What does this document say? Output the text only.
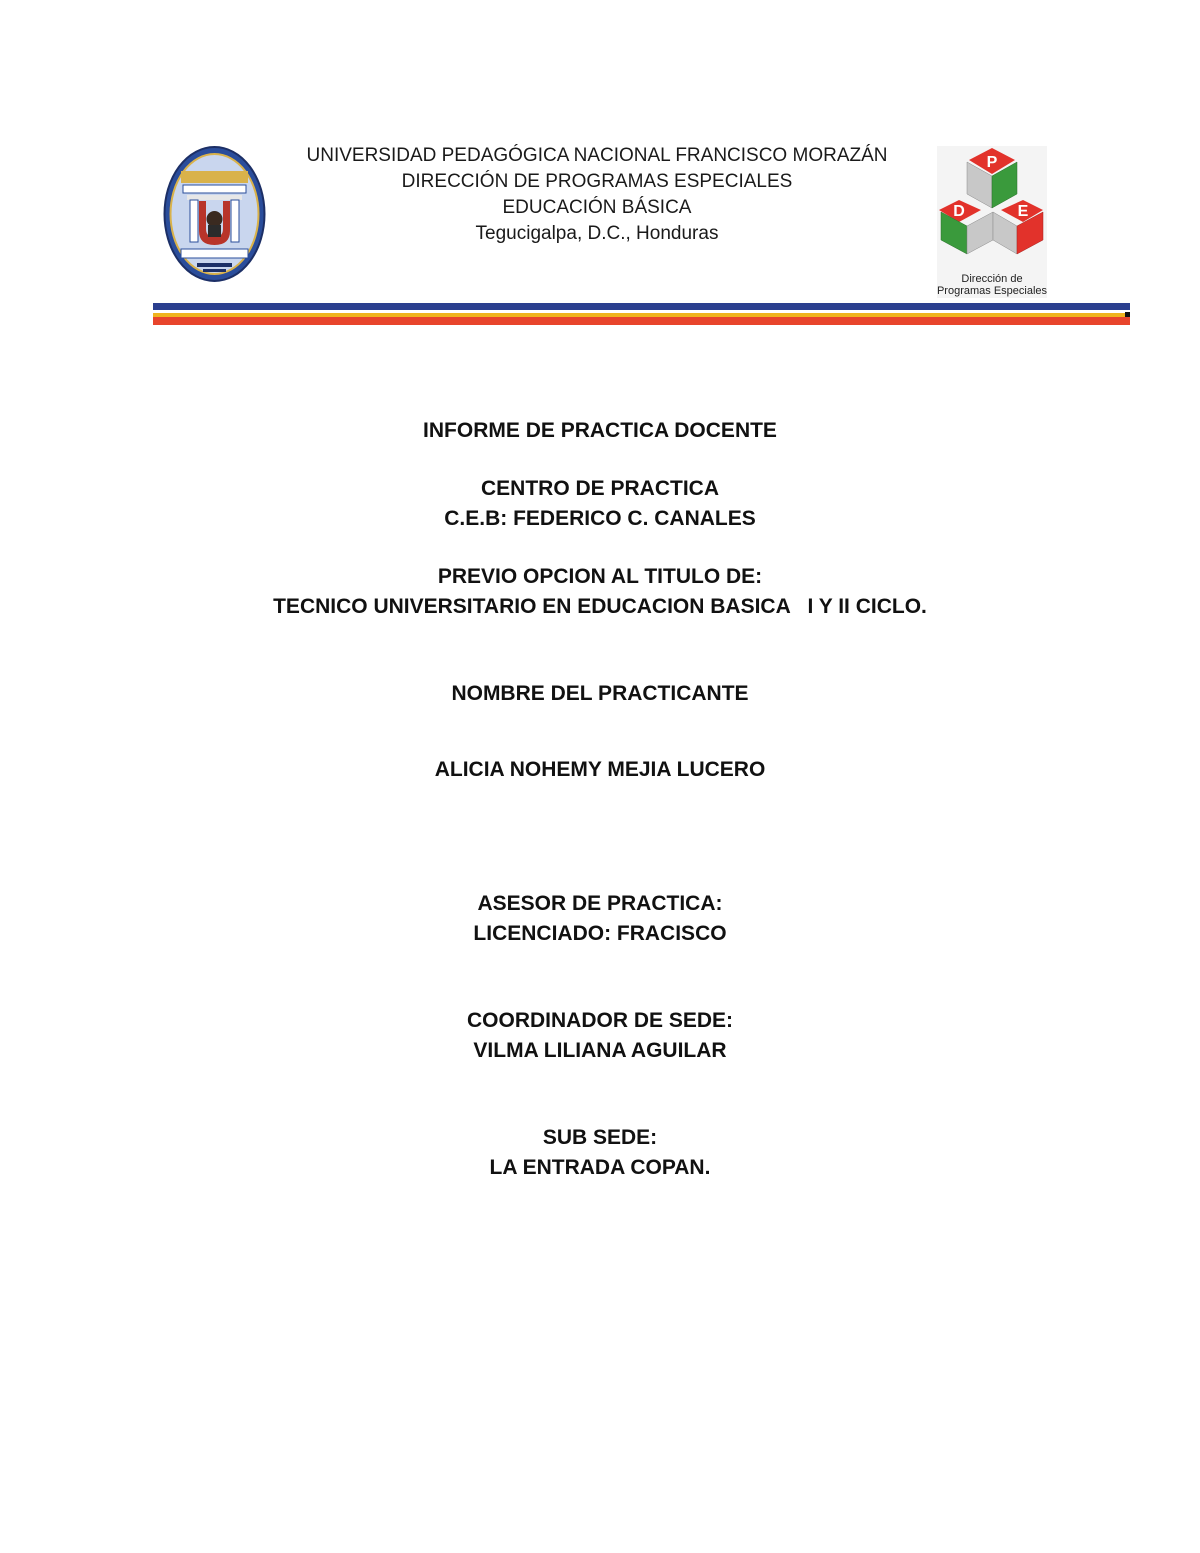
UNIVERSIDAD PEDAGÓGICA NACIONAL FRANCISCO MORAZÁN
DIRECCIÓN DE PROGRAMAS ESPECIALES
EDUCACIÓN BÁSICA
Tegucigalpa, D.C., Honduras
P
D	E
Dirección de
Programas Especiales
INFORME DE PRACTICA DOCENTE
CENTRO DE PRACTICA
C.E.B: FEDERICO C. CANALES
PREVIO OPCION AL TITULO DE:
TECNICO UNIVERSITARIO EN EDUCACION BASICA   I Y II CICLO.
NOMBRE DEL PRACTICANTE
ALICIA NOHEMY MEJIA LUCERO
ASESOR DE PRACTICA:
LICENCIADO: FRACISCO
COORDINADOR DE SEDE:
VILMA LILIANA AGUILAR
SUB SEDE:
LA ENTRADA COPAN.
